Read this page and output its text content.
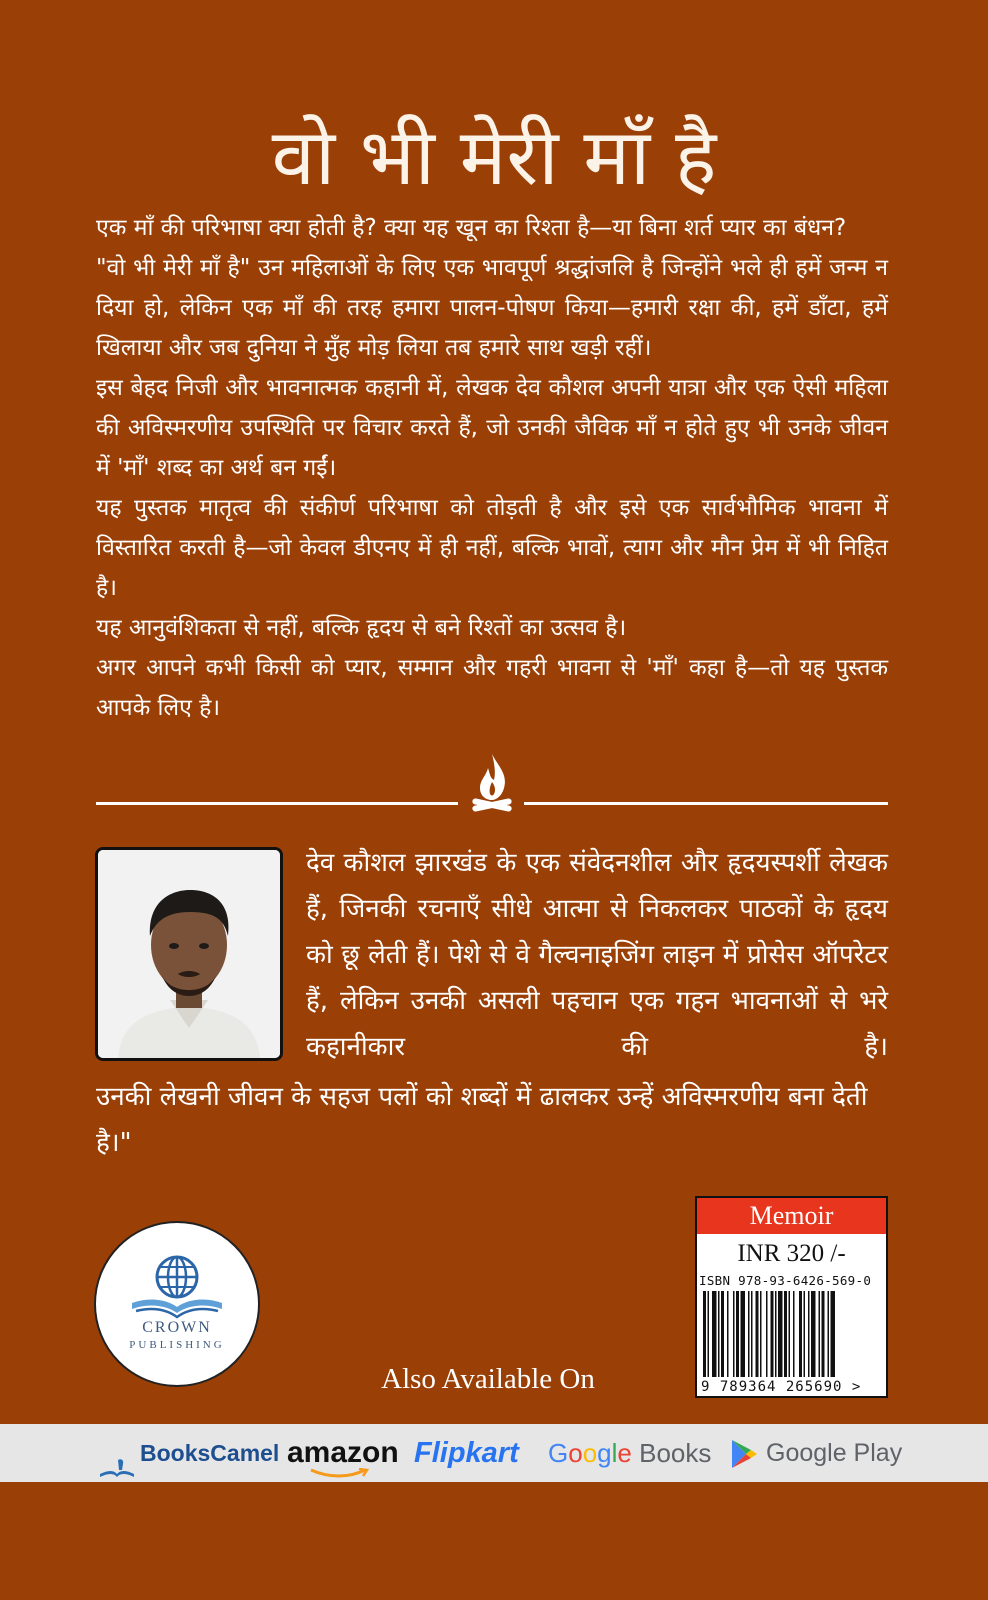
वो भी मेरी माँ है

एक माँ की परिभाषा क्या होती है? क्या यह खून का रिश्ता है—या बिना शर्त प्यार का बंधन?

"वो भी मेरी माँ है" उन महिलाओं के लिए एक भावपूर्ण श्रद्धांजलि है जिन्होंने भले ही हमें जन्म न दिया हो, लेकिन एक माँ की तरह हमारा पालन-पोषण किया—हमारी रक्षा की, हमें डाँटा, हमें खिलाया और जब दुनिया ने मुँह मोड़ लिया तब हमारे साथ खड़ी रहीं।

इस बेहद निजी और भावनात्मक कहानी में, लेखक देव कौशल अपनी यात्रा और एक ऐसी महिला की अविस्मरणीय उपस्थिति पर विचार करते हैं, जो उनकी जैविक माँ न होते हुए भी उनके जीवन में 'माँ' शब्द का अर्थ बन गईं।

यह पुस्तक मातृत्व की संकीर्ण परिभाषा को तोड़ती है और इसे एक सार्वभौमिक भावना में विस्तारित करती है—जो केवल डीएनए में ही नहीं, बल्कि भावों, त्याग और मौन प्रेम में भी निहित है।

यह आनुवंशिकता से नहीं, बल्कि हृदय से बने रिश्तों का उत्सव है।

अगर आपने कभी किसी को प्यार, सम्मान और गहरी भावना से 'माँ' कहा है—तो यह पुस्तक आपके लिए है।

देव कौशल झारखंड के एक संवेदनशील और हृदयस्पर्शी लेखक हैं, जिनकी रचनाएँ सीधे आत्मा से निकलकर पाठकों के हृदय को छू लेती हैं। पेशे से वे गैल्वनाइजिंग लाइन में प्रोसेस ऑपरेटर हैं, लेकिन उनकी असली पहचान एक गहन भावनाओं से भरे कहानीकार की है।
उनकी लेखनी जीवन के सहज पलों को शब्दों में ढालकर उन्हें अविस्मरणीय बना देती है।"
CROWN
PUBLISHING
Also Available On
Memoir
INR 320 /-
ISBN 978-93-6426-569-0
9 789364 265690 >
BooksCamel amazon Flipkart Google Books	Google Play
